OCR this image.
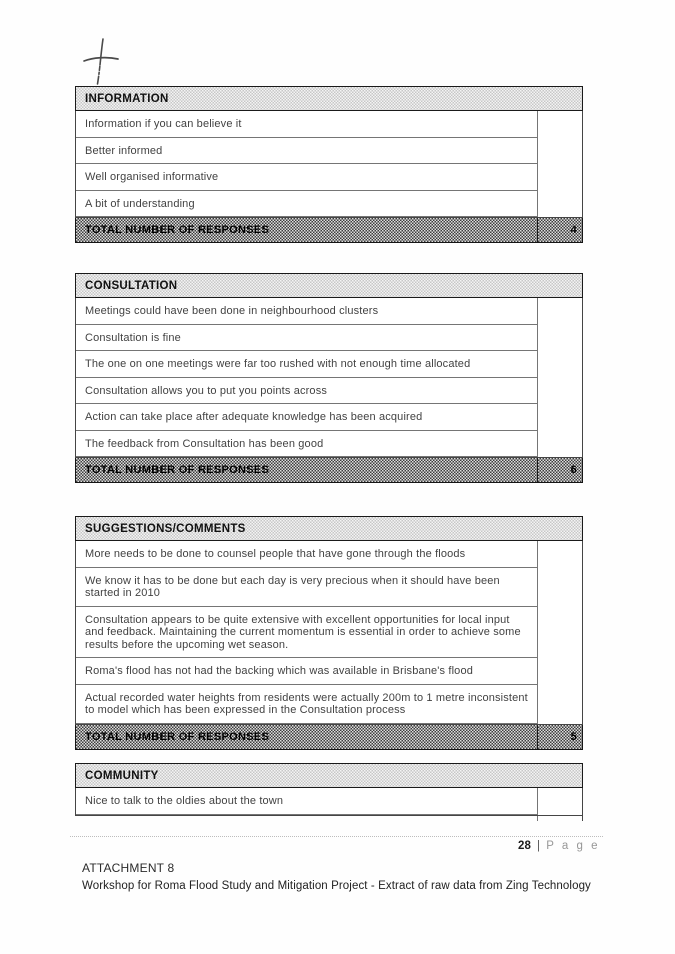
INFORMATION
Information if you can believe it
Better informed
Well organised informative
A bit of understanding
TOTAL NUMBER OF RESPONSES	4
CONSULTATION
Meetings could have been done in neighbourhood clusters
Consultation is fine
The one on one meetings were far too rushed with not enough time allocated
Consultation allows you to put you points across
Action can take place after adequate knowledge has been acquired
The feedback from Consultation has been good
TOTAL NUMBER OF RESPONSES	6
SUGGESTIONS/COMMENTS
More needs to be done to counsel people that have gone through the floods
We know it has to be done but each day is very precious when it should have been started in 2010
Consultation appears to be quite extensive with excellent opportunities for local input and feedback. Maintaining the current momentum is essential in order to achieve some results before the upcoming wet season.
Roma's flood has not had the backing which was available in Brisbane's flood
Actual recorded water heights from residents were actually 200m to 1 metre inconsistent to model which has been expressed in the Consultation process
TOTAL NUMBER OF RESPONSES	5
COMMUNITY
Nice to talk to the oldies about the town
28 | P a g e
ATTACHMENT 8
Workshop for Roma Flood Study and Mitigation Project - Extract of raw data from Zing Technology
